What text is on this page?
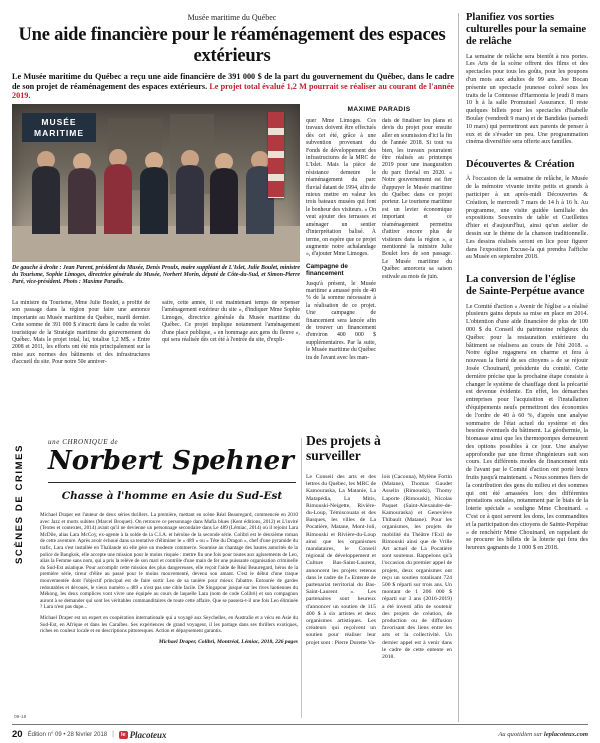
Musée maritime du Québec
Une aide financière pour le réaménagement des espaces extérieurs

Le Musée maritime du Québec a reçu une aide financière de 391 000 $ de la part du gouvernement du Québec, dans le cadre de son projet de réaménagement des espaces extérieurs. Le projet total évalué 1,2 M pourrait se réaliser au courant de l'année 2019.

MUSÉE MARITIME

De gauche à droite : Jean Parent, président du Musée, Denis Proulx, maire suppléant de L'Islet, Julie Boulet, ministre du Tourisme, Sophie Limoges, directrice générale du Musée, Norbert Morin, député de Côte-du-Sud, et Simon-Pierre Paré, vice-président. Photo : Maxime Paradis.

MAXIME PARADIS
La ministre du Tourisme, Mme Julie Boulet, a profité de son passage dans la région pour faire une annonce importante au Musée maritime du Québec, mardi dernier. Cette somme de 391 000 $ s'inscrit dans le cadre du volet touristique de la Stratégie maritime du gouvernement du Québec. Mais le projet total, lui, totalise 1,2 M$. « Entre 2008 et 2011, les efforts ont été mis principalement sur la mise aux normes des bâtiments et des infrastructures d'accueil du site. Pour notre 50e anniver-
saire, cette année, il est maintenant temps de repenser l'aménagement extérieur du site », d'indiquer Mme Sophie Limoges, directrice générale du Musée maritime du Québec. Ce projet implique notamment l'aménagement d'une place publique, « en hommage aux gens du fleuve », qui sera réalisée dès cet été à l'entrée du site, d'expli-
quer Mme Limoges. Ces travaux doivent être effectués dès cet été, grâce à une subvention provenant du Fonds de développement des infrastructures de la MRC de L'Islet. Mais la pièce de résistance demeure le réaménagement du parc fluvial datant de 1994, afin de mieux mettre en valeur les trois bateaux musées qui font le bonheur des visiteurs. « On veut ajouter des terrasses et aménager un sentier d'interprétation balisé. À terme, on espère que ce projet augmente notre achalandage », d'ajouter Mme Limoges.
Campagne de financement
Jusqu'à présent, le Musée maritime a amassé près de 40 % de la somme nécessaire à la réalisation de ce projet. Une campagne de financement sera lancée afin de trouver un financement d'environ 400 000 $ supplémentaires. Par la suite, le Musée maritime du Québec ira de l'avant avec les man-
dats de finaliser les plans et devis du projet pour ensuite aller en soumission d'ici la fin de l'année 2018. Si tout va bien, les travaux pourraient être réalisés au printemps 2019 pour une inauguration du parc fluvial en 2020. « Notre gouvernement est fier d'appuyer le Musée maritime du Québec dans ce projet porteur. Le tourisme maritime est un levier économique important et ce réaménagement permettra d'attirer encore plus de visiteurs dans la région », a mentionné la ministre Julie Boulet lors de son passage. Le Musée maritime du Québec amorcera sa saison estivale au mois de juin.
SCÈNES DE CRIMES
une CHRONIQUE de
Norbert Spehner
Chasse à l'homme en Asie du Sud-Est
Michael Draper est l'auteur de deux séries thrillers. La première, mettant en scène Réal Beauregard, commencée en 2010 avec Jazz et morts subites (Marcel Broquet). On retrouve ce personnage dans Mafia blues (Kent éditions, 2012) et L'invité (Textes et contextes, 2014) avant qu'il ne devienne un personnage secondaire dans Le 489 (Lémiac, 2014) où il rejoint Lara McDile, alias Lara McCoy, ex-agente à la solde de la C.I.A. et héroïne de la seconde série. Colibri est le deuxième roman de cette aventure. Après avoir échoué dans sa tentative d'éliminer le « 489 » ou « Tête du Dragon », chef d'une pyramide du trafic, Lara s'est installée en Thaïlande où elle gère un modeste commerce. Soumise au chantage des hautes autorités de la police de Bangkok, elle accepte une mission pour le moins risquée : mettre fin une fois pour toutes aux agissements de Leo, alias la Femme sans nom, qui a pris la relève de son mari et contrôle d'une main de fer une puissante organisation criminelle du Sud-Est asiatique. Pour accomplir cette mission des plus dangereuses, elle reçoit l'aide de Réal Beauregard, héros de la première série, tireur d'élite au passé pour le moins mouvementé, devenu son amant. C'est le début d'une traque mouvementée dont l'objectif principal est de faire sortir Leo de sa tanière pour mieux l'abattre. Entourée de gardes redoutables et dévoués, le vieux numéro « 489 » n'est pas une cible facile. De Singapour jusque sur les rives laotiennes du Mékong, les deux complices vont vivre une équipée au cours de laquelle Lara (nom de code Colibri) et son compagnon auront à se demander qui sont les véritables commanditaires de toute cette affaire. Que se passera-t-il une fois Leo éliminée ? Lara n'est pas dupe...
Michael Draper est un expert en coopération internationale qui a voyagé aux Seychelles, en Australie et a vécu en Asie du Sud-Est, en Afrique et dans les Caraïbes. Ses expériences de grand voyageur, il les partage dans ses thrillers exotiques, riches en couleur locale et en descriptions pittoresques. Action et dépaysement garantis.
Michael Draper, Colibri, Montréal, Lémiac, 2018, 226 pages
09-18
Des projets à surveiller
Le Conseil des arts et des lettres du Québec, les MRC de Kamouraska, La Matanie, La Matapédia, La Mitis, Rimouski-Neigette, Rivière-du-Loup, Témiscouata et des Basques, les villes de La Pocatière, Matane, Mont-Joli, Rimouski et Rivière-du-Loup ainsi que les organismes mandataires, le Conseil régional de développement et Culture Bas-Saint-Laurent, annoncent les projets retenus dans le cadre de l'« Entente de partenariat territorial du Bas-Saint-Laurent ». Les partenaires sont heureux d'annoncer un soutien de 115 400 $ à six artistes et deux organismes artistiques. Les créateurs qui reçoivent un soutien pour réaliser leur projet sont : Pierre Durette Va-
lois (Cacouna), Mylène Fortin (Matane), Thomas Gaudet Asselin (Rimouski), Thomy Laporte (Rimouski), Nicolas Paquet (Saint-Alexandre-de-Kamouraska) et Geneviève Thibault (Matane). Pour les organismes, les projets de mobilité du Théâtre l'Exil de Rimouski ainsi que de Vrille Art actuel de La Pocatière sont soutenus. Rappelons qu'à l'occasion du premier appel de projets, deux organismes ont reçu un soutien totalisant 724 500 $ réparti sur trois ans. Un montant de 1 206 000 $ réparti sur 3 ans (2016-2019) a été investi afin de soutenir des projets de création, de production ou de diffusion favorisant des liens entre les arts et la collectivité. Un dernier appel est à venir dans le cadre de cette entente en 2018.
Planifiez vos sorties culturelles pour la semaine de relâche
La semaine de relâche sera bientôt à nos portes. Les Arts de la scène offrent des films et des spectacles pour tous les goûts, pour les poupons d'un mois aux adultes de 99 ans. Joe Bocan présente un spectacle jeunesse coloré sous les traits de la Comtesse d'Harmonia le jeudi 8 mars 10 h à la salle Promutuel Assurance. Il reste quelques billets pour les spectacles d'Isabelle Boulay (vendredi 9 mars) et de Bandidas (samedi 10 mars) qui permettront aux parents de penser à eux et de s'évader un peu. Une programmation cinéma diversifiée sera offerte aux familles.
Découvertes & Création
À l'occasion de la semaine de relâche, le Musée de la mémoire vivante invite petits et grands à participer à un après-midi Découvertes & Création, le mercredi 7 mars de 14 h à 16 h. Au programme, une visite guidée familiale des expositions Souvenirs de table et Cueillettes d'hier et d'aujourd'hui, ainsi qu'un atelier de dessin sur le thème de la chanson traditionnelle. Les dessins réalisés seront en lice pour figurer dans l'exposition Excuse-la qui prendra l'affiche au Musée en septembre 2018.
La conversion de l'église de Sainte-Perpétue avance
Le Comité d'action « Avenir de l'église » a réalisé plusieurs gains depuis sa mise en place en 2014. L'obtention d'une aide financière de plus de 100 000 $ du Conseil du patrimoine religieux du Québec pour la restauration extérieure du bâtiment se réalisera au cours de l'été 2018. « Notre église regagnera en charme et fera à nouveau la fierté de ses citoyens » de se réjouir Josée Chouinard, présidente du comité. Cette dernière précise que la prochaine étape consiste à changer le système de chauffage dont la précarité est devenue évidente. En effet, les démarches entreprises pour l'acquisition et l'installation d'équipements neufs permettront des économies de l'ordre de 40 à 60 %, d'après une analyse sommaire de l'état actuel du système et des besoins éventuels du bâtiment. La géothermie, la biomasse ainsi que les thermopompes demeurent des options possibles à ce jour. Une analyse approfondie par une firme d'ingénieurs suit son cours. Les différents modes de financement mis de l'avant par le Comité d'action ont porté leurs fruits jusqu'à maintenant. « Nous sommes fiers de la contribution des gens du milieu et des sommes qui ont été amassées lors des différentes prestations sociales, notamment par le biais de la loterie spéciale » souligne Mme Chouinard. « C'est ce à quoi servent les dons, les commandites et la participation des citoyens de Sainte-Perpétue » de renchérir Mme Chouinard, en rappelant de se procurer les billets de la loterie qui fera des heureux gagnants de 1 000 $ en 2018.
20 Édition n° 09 • 28 février 2018 |	le Placoteux	Au quotidien sur leplacoteux.com
